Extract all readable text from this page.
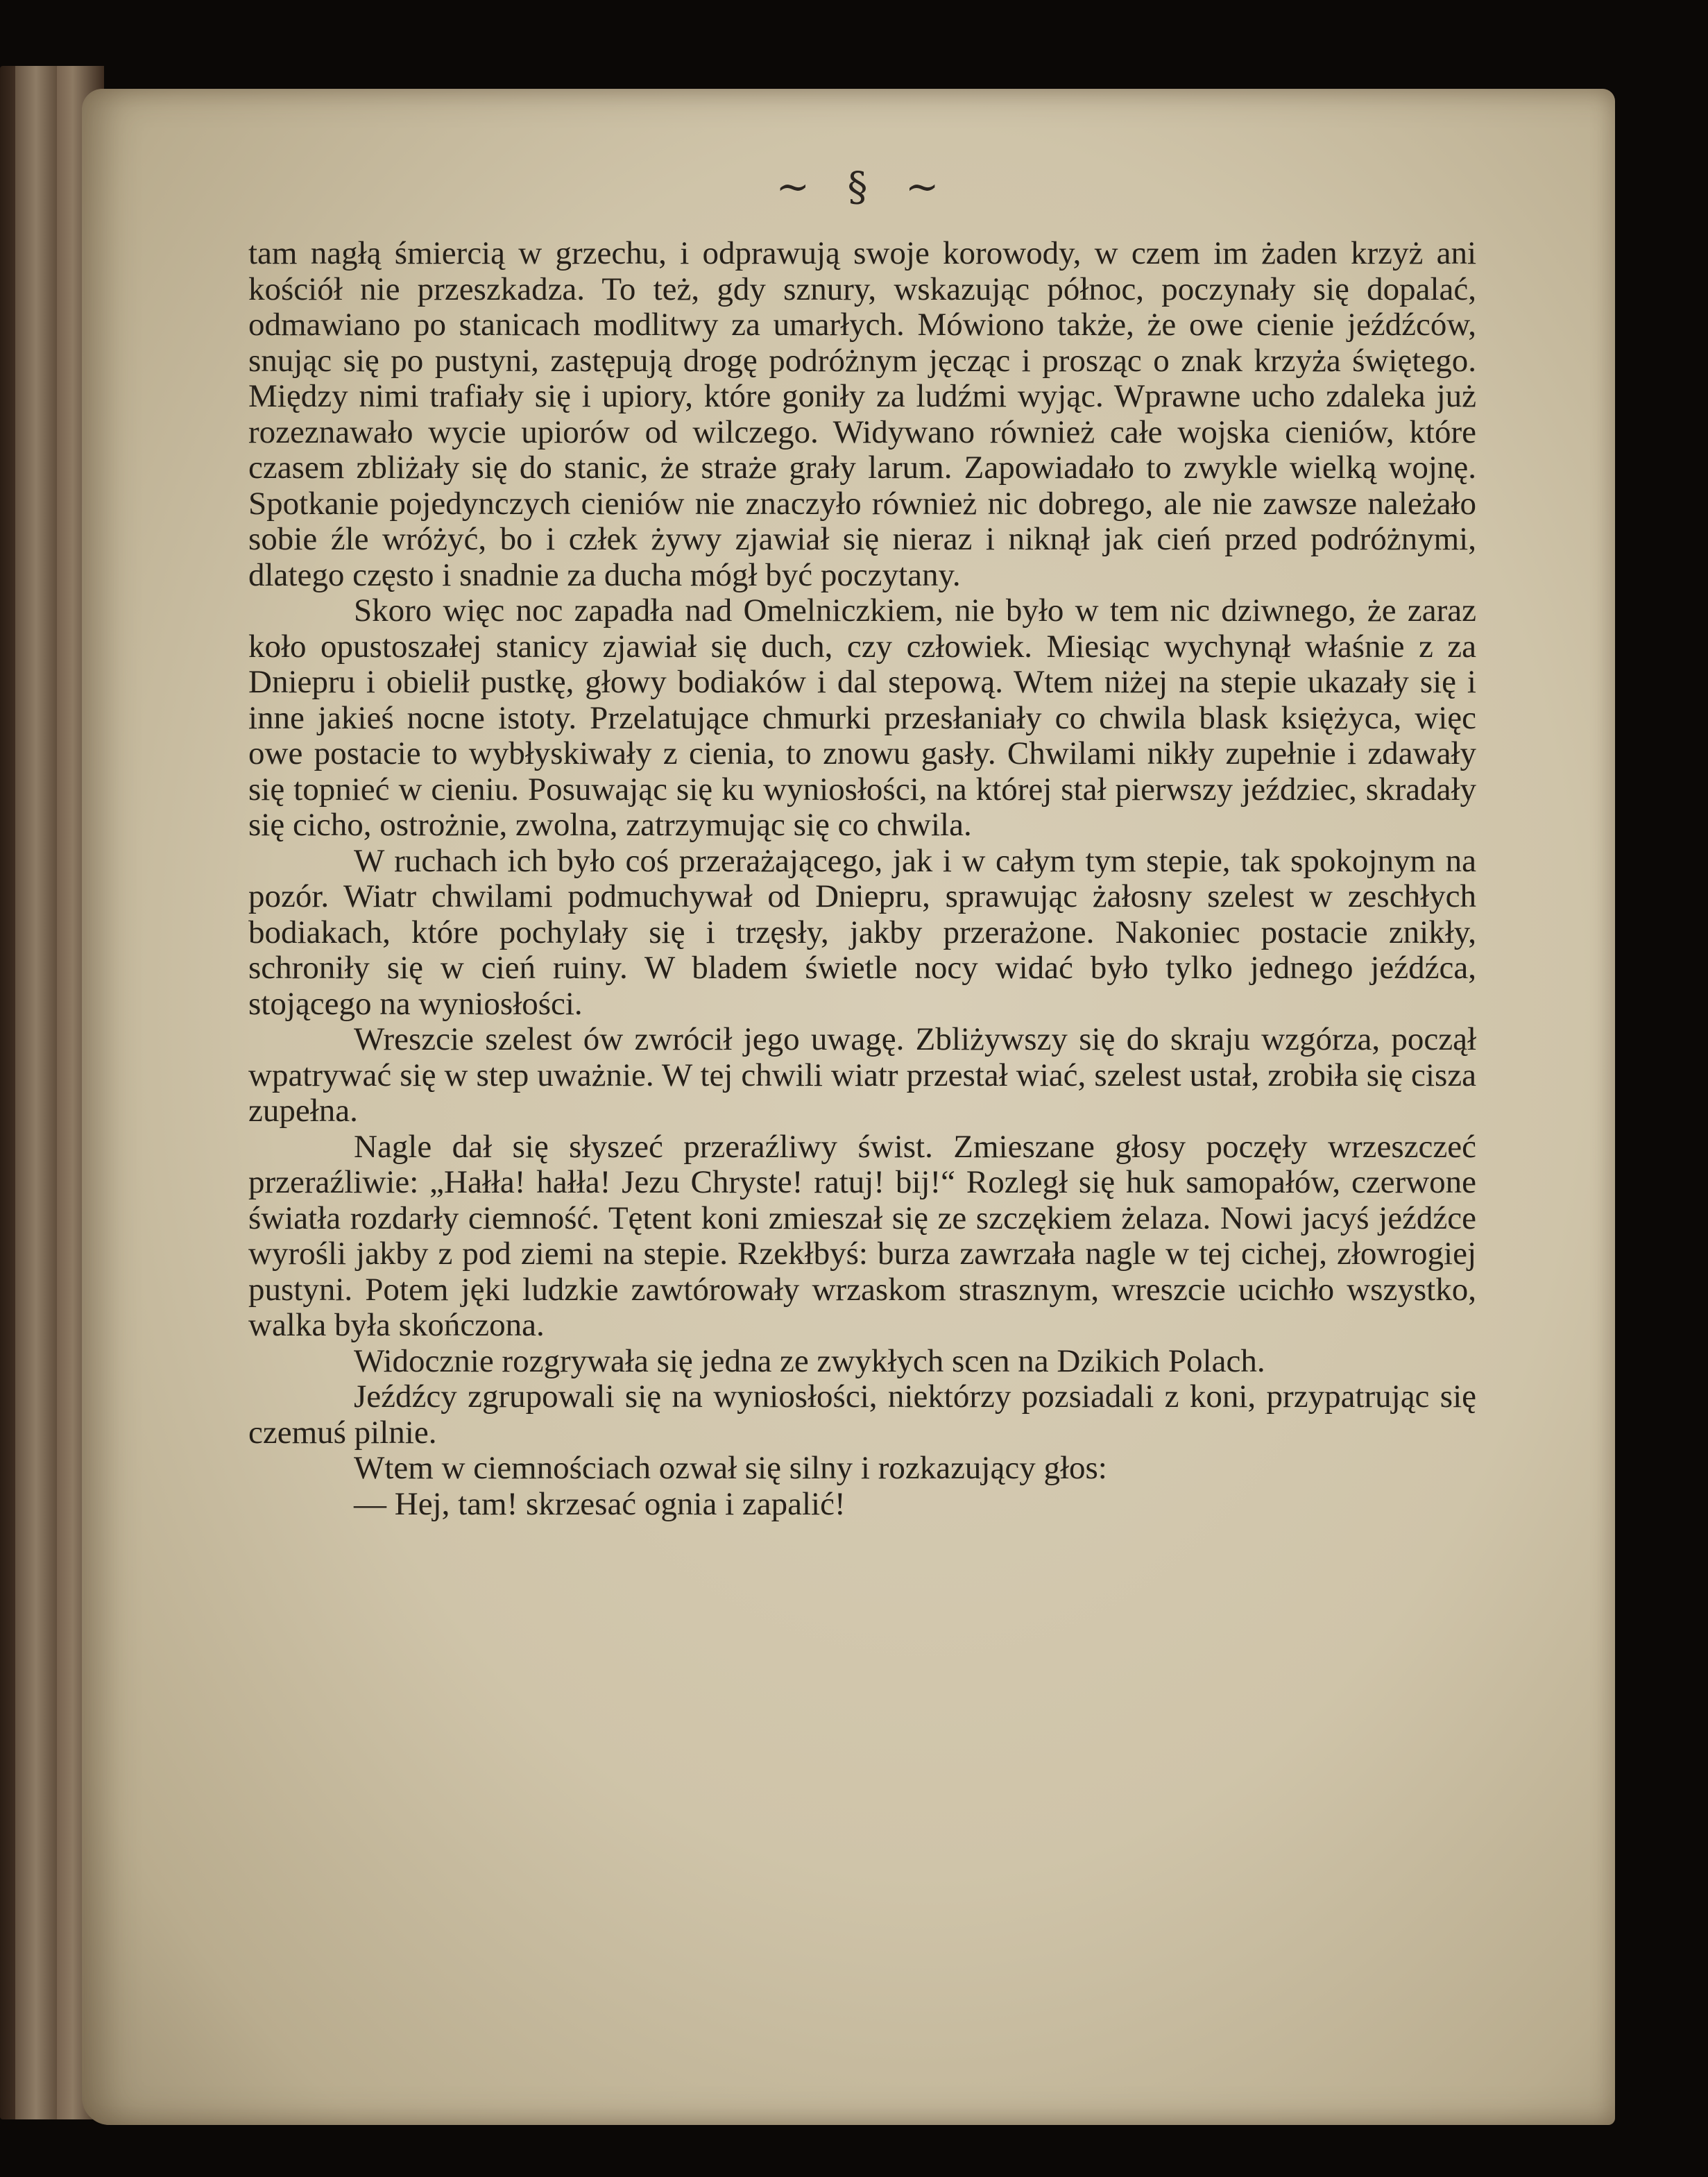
~ § ~

tam nagłą śmiercią w grzechu, i odprawują swoje korowody, w czem im żaden krzyż ani kościół nie przeszkadza. To też, gdy sznury, wskazując północ, poczynały się dopalać, odmawiano po stanicach modlitwy za umarłych. Mówiono także, że owe cienie jeźdźców, snując się po pustyni, zastępują drogę podróżnym jęcząc i prosząc o znak krzyża świętego. Między nimi trafiały się i upiory, które goniły za ludźmi wyjąc. Wprawne ucho zdaleka już rozeznawało wycie upiorów od wilczego. Widywano również całe wojska cieniów, które czasem zbliżały się do stanic, że straże grały larum. Zapowiadało to zwykle wielką wojnę. Spotkanie pojedynczych cieniów nie znaczyło również nic dobrego, ale nie zawsze należało sobie źle wróżyć, bo i człek żywy zjawiał się nieraz i niknął jak cień przed podróżnymi, dlatego często i snadnie za ducha mógł być poczytany.

Skoro więc noc zapadła nad Omelniczkiem, nie było w tem nic dziwnego, że zaraz koło opustoszałej stanicy zjawiał się duch, czy człowiek. Miesiąc wychynął właśnie z za Dniepru i obielił pustkę, głowy bodiaków i dal stepową. Wtem niżej na stepie ukazały się i inne jakieś nocne istoty. Przelatujące chmurki przesłaniały co chwila blask księżyca, więc owe postacie to wybłyskiwały z cienia, to znowu gasły. Chwilami nikły zupełnie i zdawały się topnieć w cieniu. Posuwając się ku wyniosłości, na której stał pierwszy jeździec, skradały się cicho, ostrożnie, zwolna, zatrzymując się co chwila.

W ruchach ich było coś przerażającego, jak i w całym tym stepie, tak spokojnym na pozór. Wiatr chwilami podmuchywał od Dniepru, sprawując żałosny szelest w zeschłych bodiakach, które pochylały się i trzęsły, jakby przerażone. Nakoniec postacie znikły, schroniły się w cień ruiny. W bladem świetle nocy widać było tylko jednego jeźdźca, stojącego na wyniosłości.

Wreszcie szelest ów zwrócił jego uwagę. Zbliżywszy się do skraju wzgórza, począł wpatrywać się w step uważnie. W tej chwili wiatr przestał wiać, szelest ustał, zrobiła się cisza zupełna.

Nagle dał się słyszeć przeraźliwy świst. Zmieszane głosy poczęły wrzeszczeć przeraźliwie: „Hałła! hałła! Jezu Chryste! ratuj! bij!“ Rozległ się huk samopałów, czerwone światła rozdarły ciemność. Tętent koni zmieszał się ze szczękiem żelaza. Nowi jacyś jeźdźce wyrośli jakby z pod ziemi na stepie. Rzekłbyś: burza zawrzała nagle w tej cichej, złowrogiej pustyni. Potem jęki ludzkie zawtórowały wrzaskom strasznym, wreszcie ucichło wszystko, walka była skończona.

Widocznie rozgrywała się jedna ze zwykłych scen na Dzikich Polach.

Jeźdźcy zgrupowali się na wyniosłości, niektórzy pozsiadali z koni, przypatrując się czemuś pilnie.

Wtem w ciemnościach ozwał się silny i rozkazujący głos:

— Hej, tam! skrzesać ognia i zapalić!
